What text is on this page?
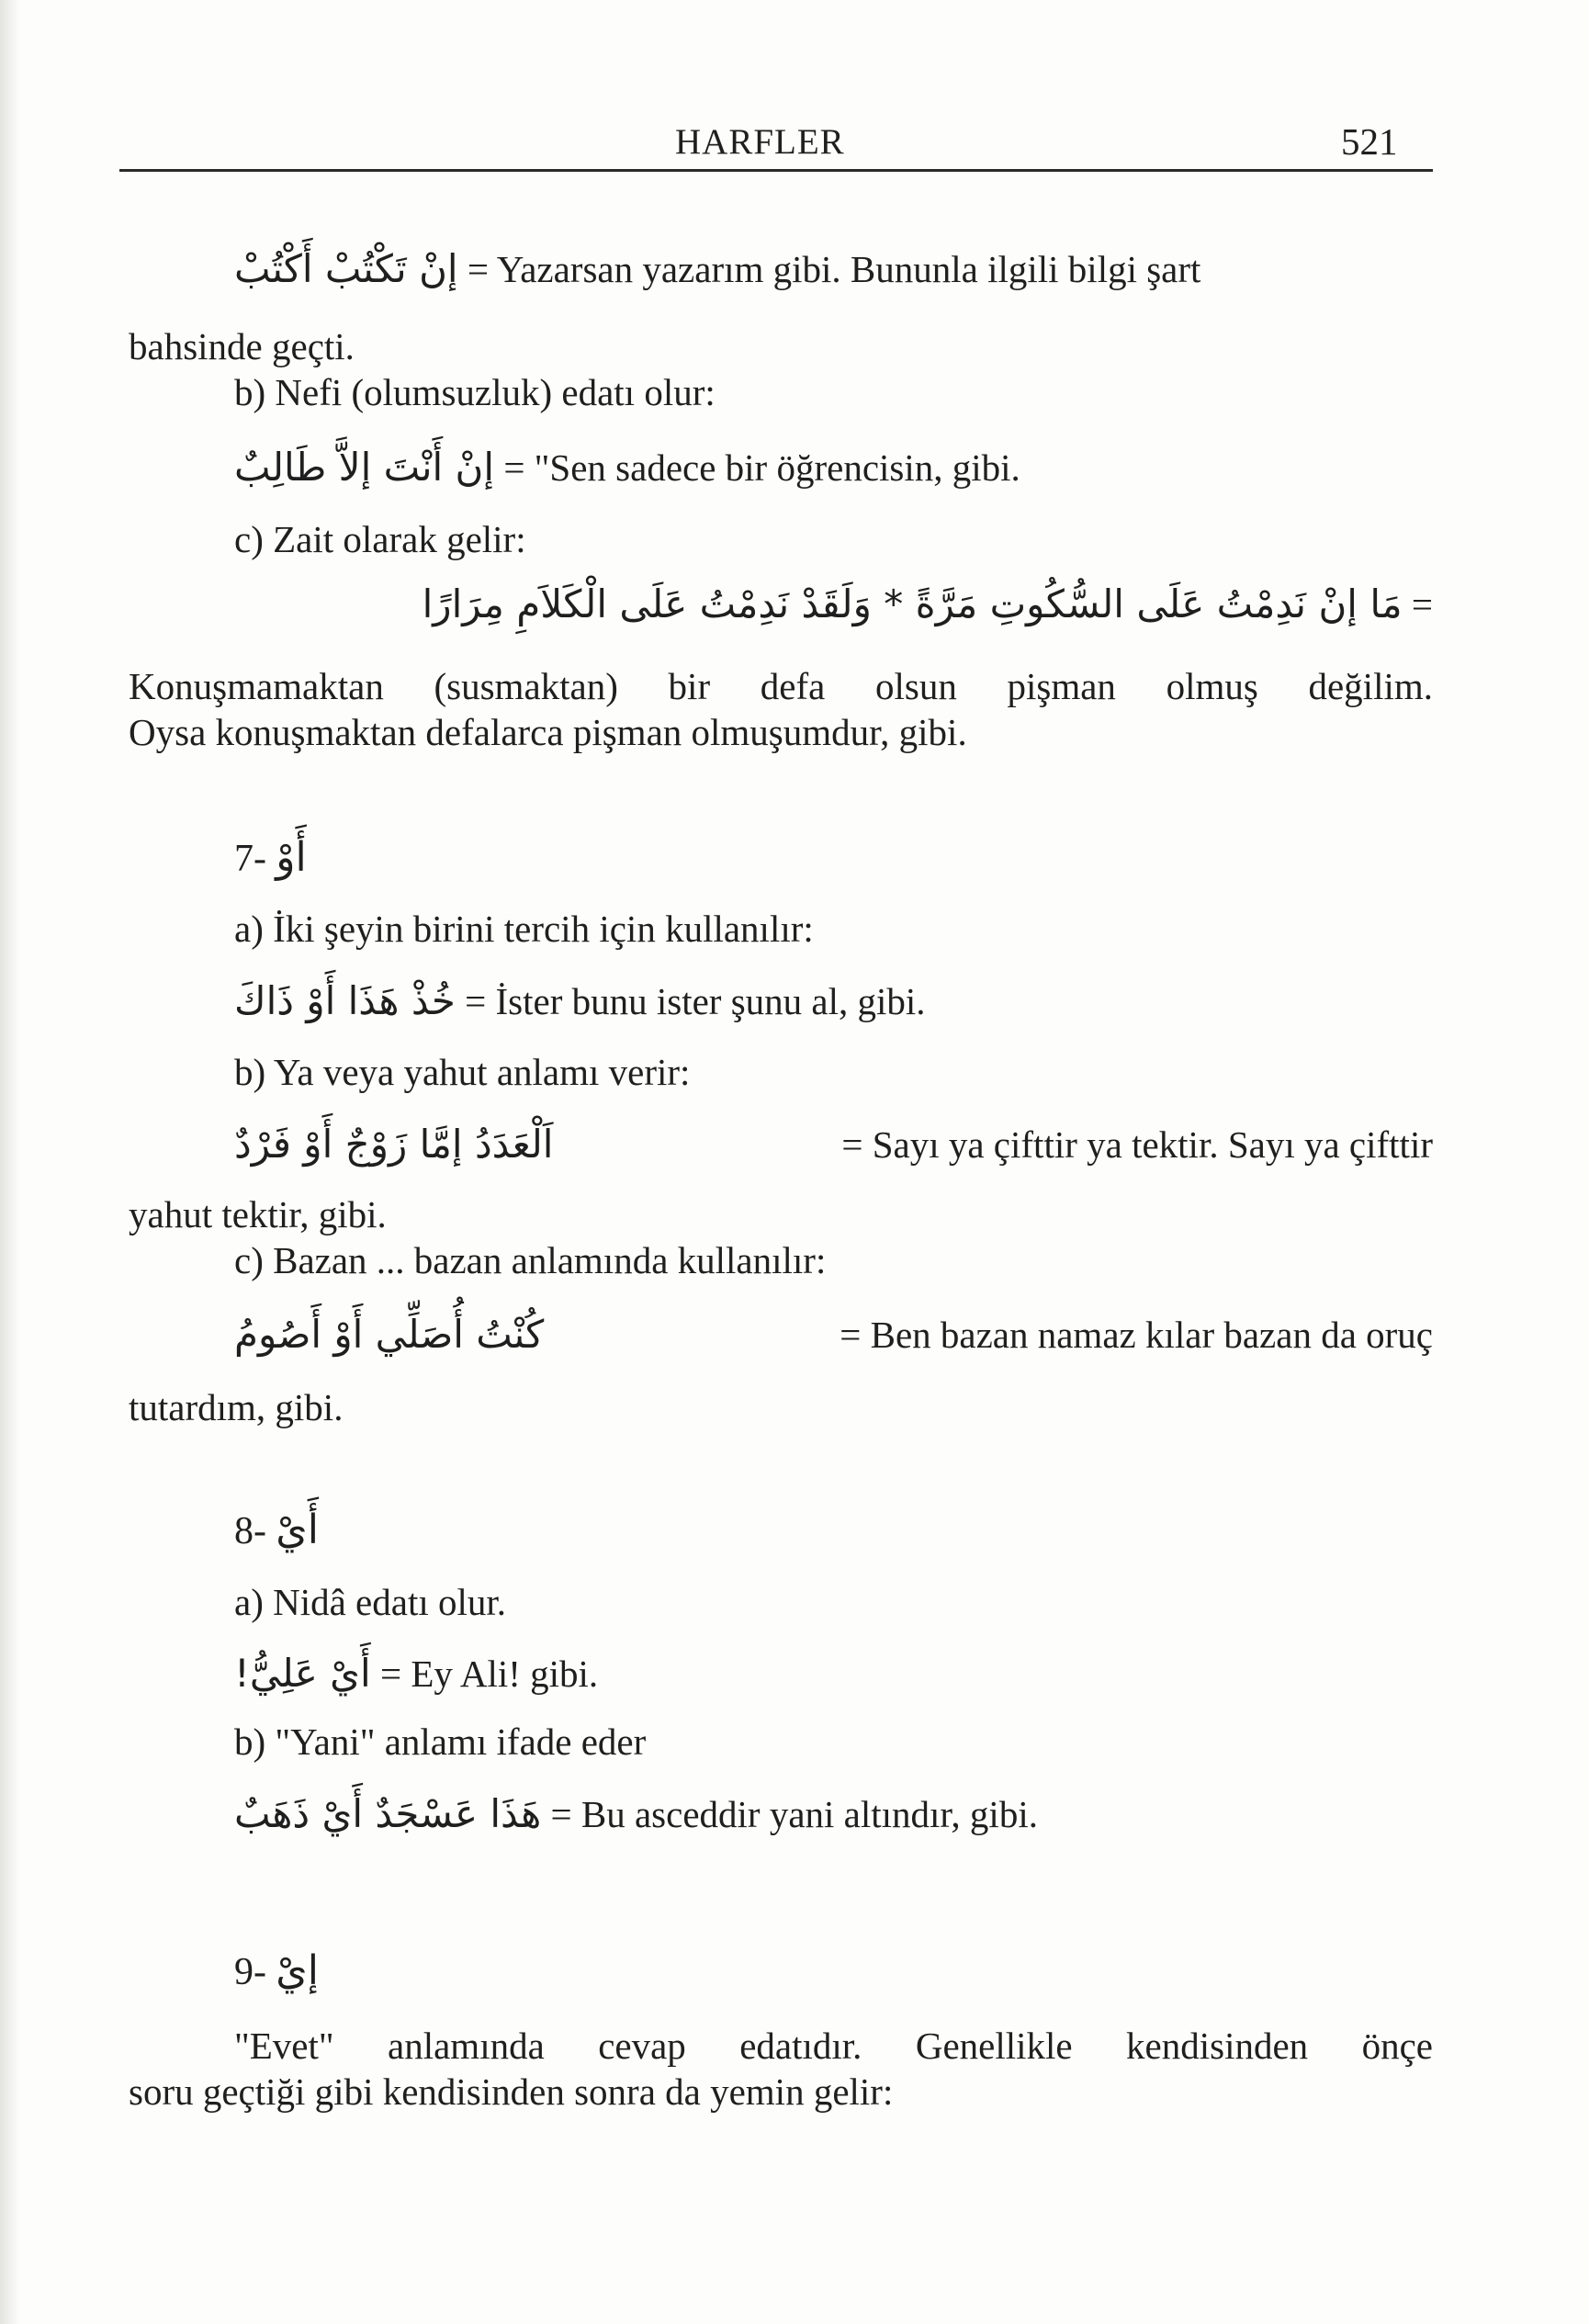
HARFLER	521
إنْ تَكْتُبْ أَكْتُبْ = Yazarsan yazarım gibi. Bununla ilgili bilgi şart
bahsinde geçti.
b) Nefi (olumsuzluk) edatı olur:
إنْ أَنْتَ إلاَّ طَالِبٌ = "Sen sadece bir öğrencisin, gibi.
c) Zait olarak gelir:
مَا إنْ نَدِمْتُ عَلَى السُّكُوتِ مَرَّةً * وَلَقَدْ نَدِمْتُ عَلَى الْكَلاَمِ مِرَارًا =
Konuşmamaktan (susmaktan) bir defa olsun pişman olmuş değilim.
Oysa konuşmaktan defalarca pişman olmuşumdur, gibi.
7- أَوْ
a) İki şeyin birini tercih için kullanılır:
خُذْ هَذَا أَوْ ذَاكَ = İster bunu ister şunu al, gibi.
b) Ya veya yahut anlamı verir:
اَلْعَدَدُ إمَّا زَوْجٌ أَوْ فَرْدٌ	= Sayı ya çifttir ya tektir. Sayı ya çifttir
yahut tektir, gibi.
c) Bazan ... bazan anlamında kullanılır:
كُنْتُ أُصَلِّي أَوْ أَصُومُ	= Ben bazan namaz kılar bazan da oruç
tutardım, gibi.
8- أَيْ
a) Nidâ edatı olur.
أَيْ عَلِيُّ! = Ey Ali! gibi.
b) "Yani" anlamı ifade eder
هَذَا عَسْجَدٌ أَيْ ذَهَبٌ = Bu asceddir yani altındır, gibi.
9- إيْ
"Evet" anlamında cevap edatıdır. Genellikle kendisinden önçe
soru geçtiği gibi kendisinden sonra da yemin gelir:
